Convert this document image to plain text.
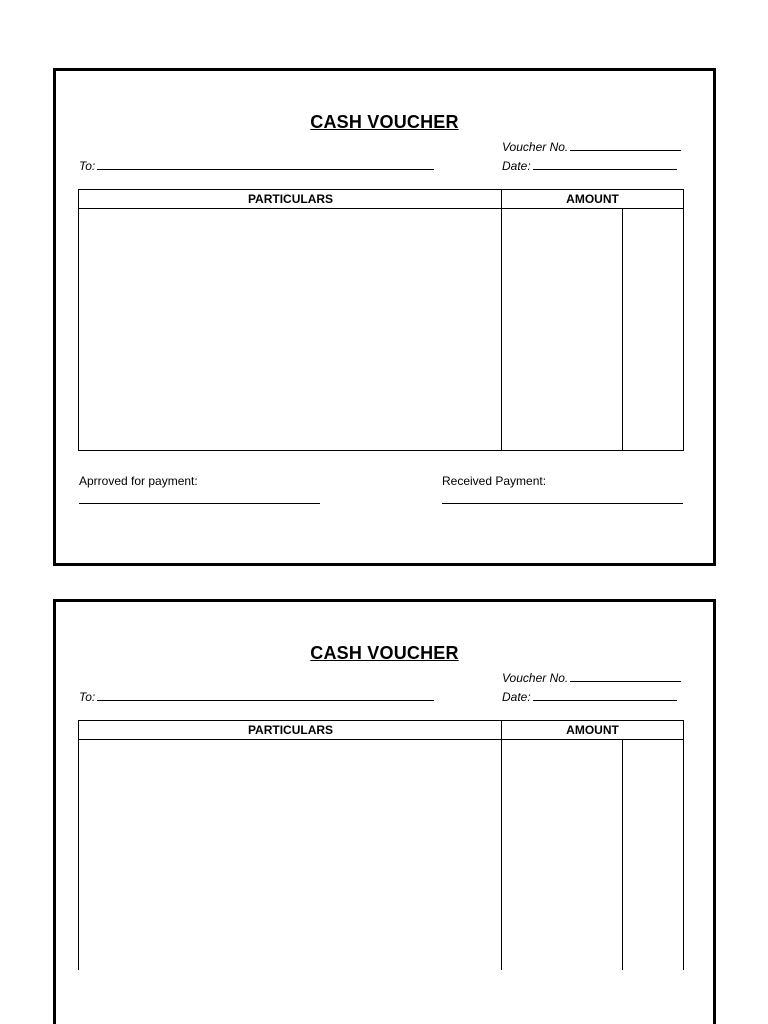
CASH VOUCHER
Voucher No.
Date:
To:
PARTICULARS	AMOUNT
Aprroved for payment:	Received Payment:
CASH VOUCHER
Voucher No.
Date:
To:
PARTICULARS	AMOUNT
